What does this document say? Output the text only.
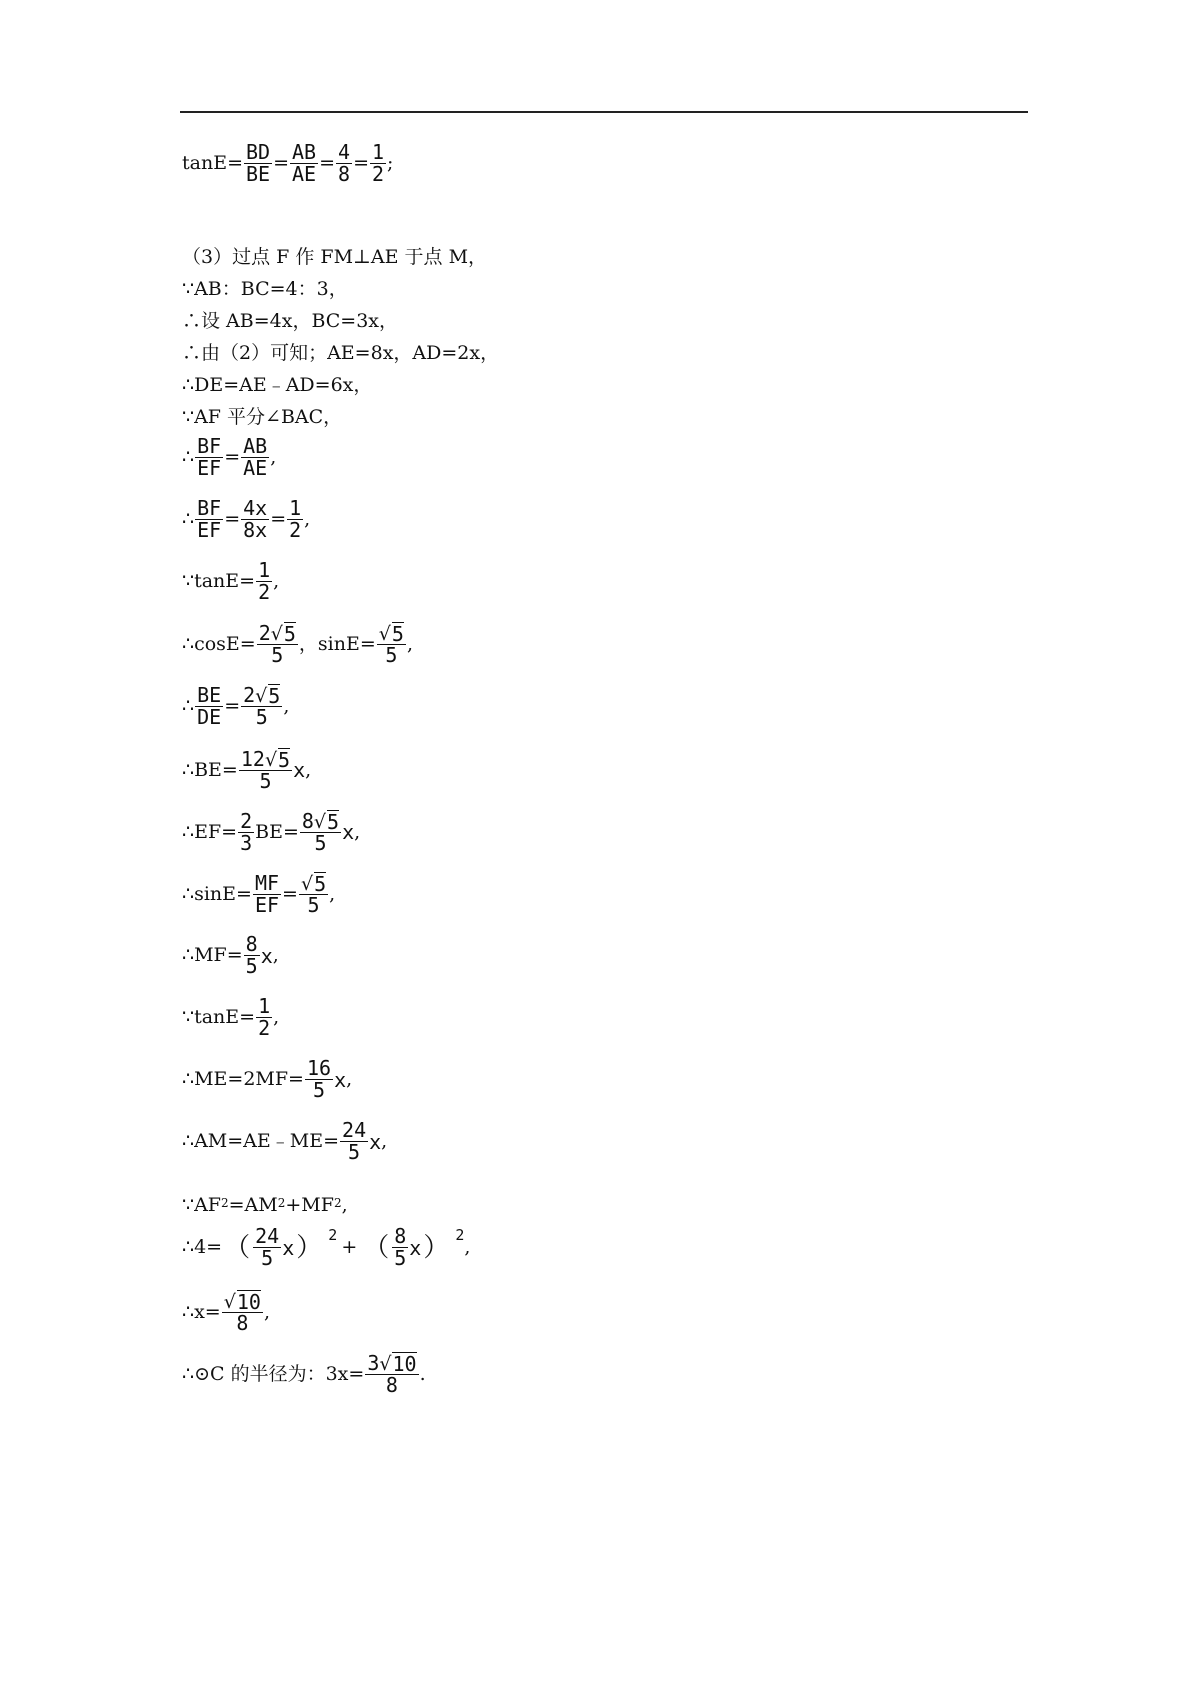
$\tan E= \frac{BD}{BE} = \frac{AB}{AE} = \frac{4}{8} = \frac{1}{2}$ ;
（3）过点 F 作 FM⊥AE 于点 M，
∵AB：BC=4：3，
∴设 AB=4x，BC=3x，
∴由（2）可知；AE=8x，AD=2x，
∴DE=AE﹣AD=6x，
∵AF 平分∠BAC，
∴ $\frac{BF}{EF} = \frac{AB}{AE}$ ,
∴ $\frac{BF}{EF} = \frac{4x}{8x} = \frac{1}{2}$ ,
∵tanE= $\frac{1}{2}$ ,
∴cosE= $\frac{2 √ 5}{5}$ ，$\sin E= \frac{√ 5}{5}$ ,
∴ $\frac{BE}{DE} = \frac{2 √ 5}{5}$ ,
∴BE= $\frac{12 √ 5}{5}$ x ,
∴EF= $\frac{2}{3} BE= \frac{8 √ 5}{5}$ x ,
∴sinE= $\frac{MF}{EF} = \frac{√ 5}{5}$ ,
∴MF= $\frac{8}{5}$ x ,
∵tanE= $\frac{1}{2}$ ,
∴ME=2MF= $\frac{16}{5}$ x ,
∴AM=AE﹣ME= $\frac{24}{5}$ x ,
∵AF 2 =AM 2 +MF 2 ,
∴4= （ $\frac{24}{5}$ x ） 2
+ （ $\frac{8}{5}$ x ） 2
,
∴x= $\frac{√ 10}{8}$ ,
∴⊙C 的半径为：$3x= \frac{3 √ 10}{8}$ .
